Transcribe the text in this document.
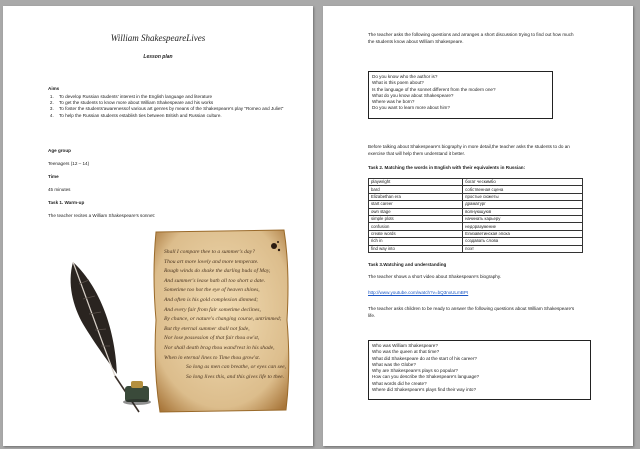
William ShakespeareLives
Lesson plan
Aims
1. To develop Russian students' interest in the English language and literature
2. To get the students to know more about William Shakespeare and his works
3. To foster the students'awarenessof various art genres by means of the Shakespeare's play "Romeo and Juliet"
4. To help the Russian students establish ties between British and Russian culture.
Age group
Teenagers (12 – 14)
Time
45 minutes
Task 1. Warm-up
The teacher recites a William Shakespeare's sonnet:
Shall I compare thee to a summer's day?
Thou art more lovely and more temperate.
Rough winds do shake the darling buds of May,
And summer's lease hath all too short a date.
Sometime too hot the eye of heaven shines,
And often is his gold complexion dimmed;
And every fair from fair sometime declines,
By chance, or nature's changing course, untrimmed;
But thy eternal summer shall not fade,
Nor lose possession of that fair thou ow'st,
Nor shall death brag thou wand'rest in his shade,
When in eternal lines to Time thou grow'st.
So long as men can breathe, or eyes can see,
So long lives this, and this gives life to thee.
The teacher asks the following questions and arranges a short discussion trying to find out how much
the students know about William Shakespeare.
Do you know who the author is?
What is this poem about?
Is the language of the sonnet different from the modern one?
What do you know about Shakespeare?
Where was he born?
Do you want to learn more about him?
Before talking about Shakespeare's biography in more detail,the teacher asks the students to do an
exercise that will help them understand it better.
Task 2. Matching the words in English with their equivalents in Russian:
playwright	богат ческимбо
bard	собственная сцена
Elizabethan era	простые сюжеты
start career	драматург
own stage	волнующуюв
simple plots	начинать карьеру
confusion	недоразумение
create words	Елизаветинская эпоха
rich in	создавать слова
find way into	поэт
Task 3.Watching and understanding
The teacher shows a short video about Shakespeare's biography.
http://www.youtube.com/watch?v=bQ3nxULmBPI
The teacher asks children to be ready to answer the following questions about William Shakespeare's
life.
Who was William Shakespeare?
Who was the queen at that time?
What did Shakespeare do at the start of his career?
What was the Globe?
Why are Shakespeare's plays so popular?
How can you describe the Shakespeare's language?
What words did he create?
Where did Shakespeare's plays find their way into?
